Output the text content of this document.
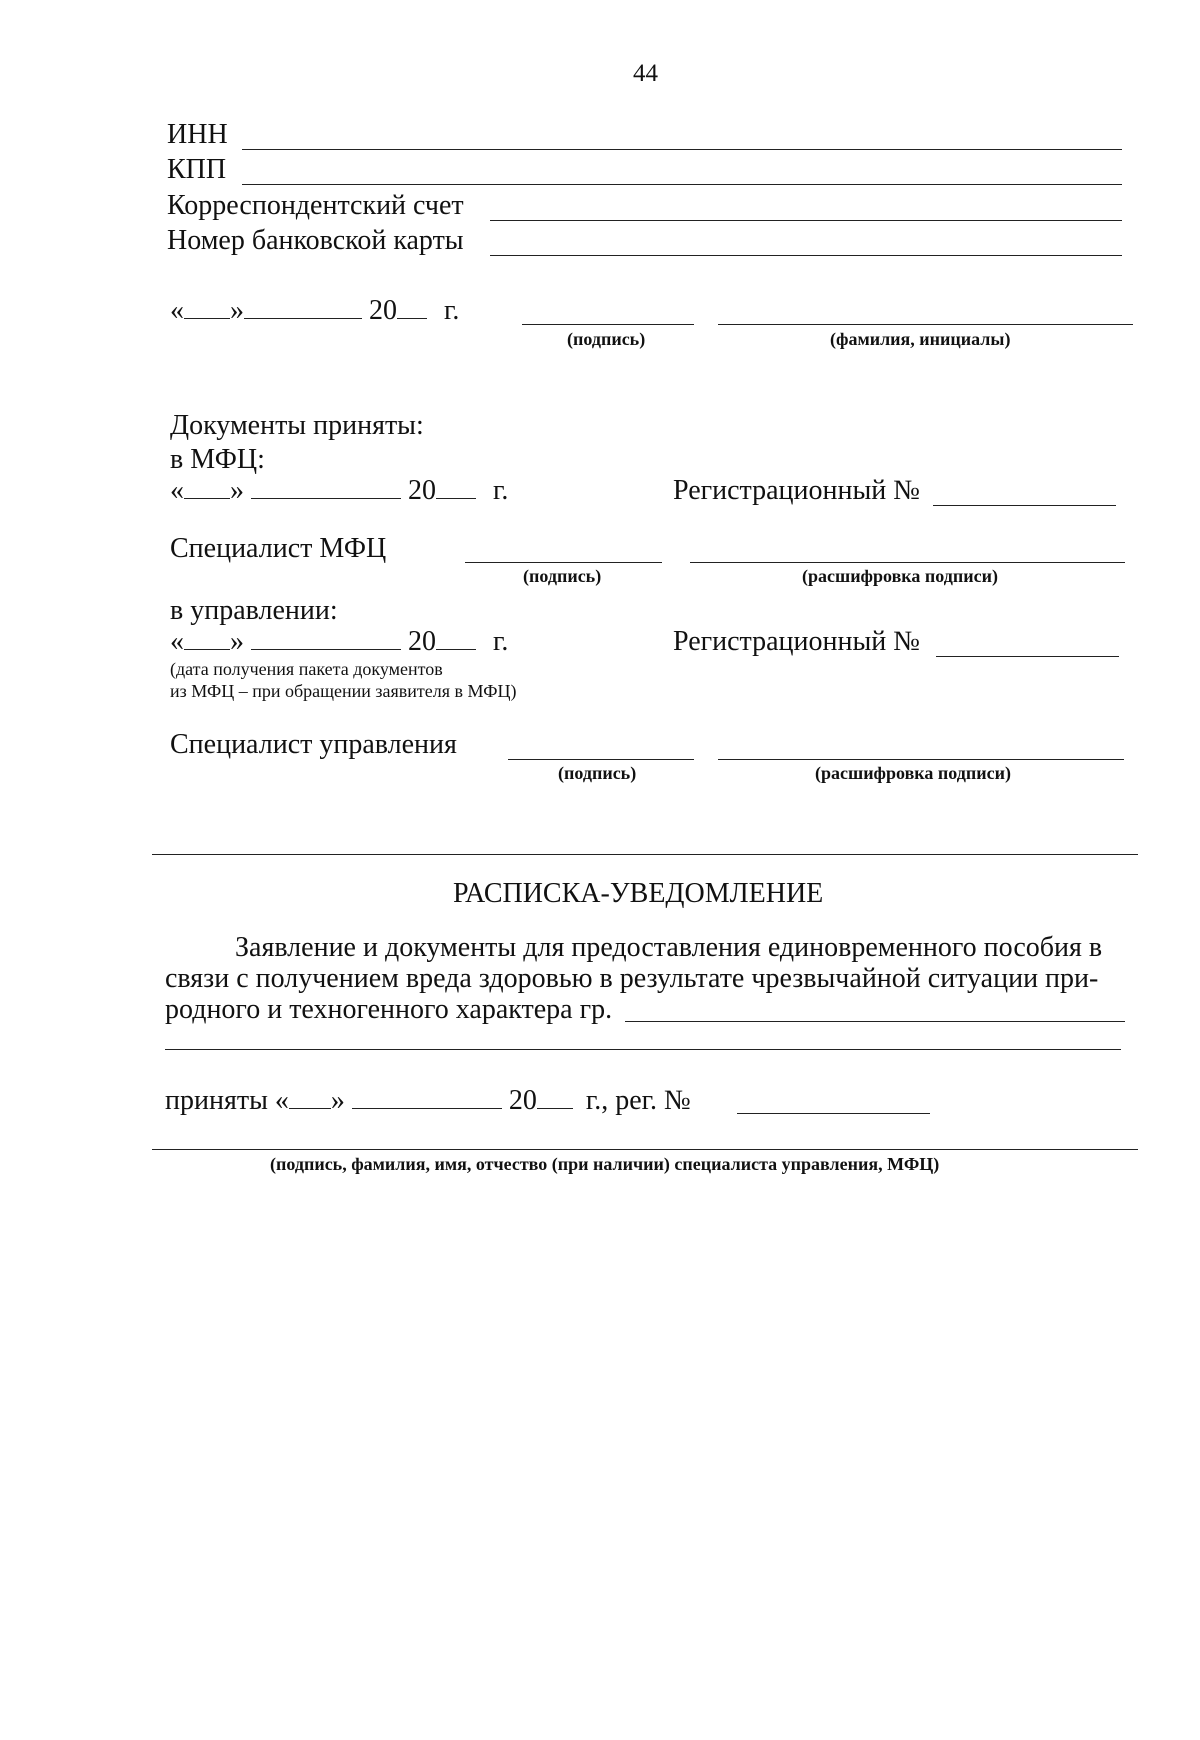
44
ИНН
КПП
Корреспондентский счет
Номер банковской карты
« »	20 г.
(подпись)	(фамилия, инициалы)
Документы приняты:
в МФЦ:
« »	20 г.	Регистрационный №
Специалист МФЦ
(подпись)	(расшифровка подписи)
в управлении:
« »	20 г.	Регистрационный №
(дата получения пакета документов
из МФЦ – при обращении заявителя в МФЦ)
Специалист управления
(подпись)	(расшифровка подписи)
РАСПИСКА-УВЕДОМЛЕНИЕ
Заявление и документы для предоставления единовременного пособия в
связи с получением вреда здоровью в результате чрезвычайной ситуации при-
родного и техногенного характера гр.
приняты « »	20 г., рег. №
(подпись, фамилия, имя, отчество (при наличии) специалиста управления, МФЦ)
